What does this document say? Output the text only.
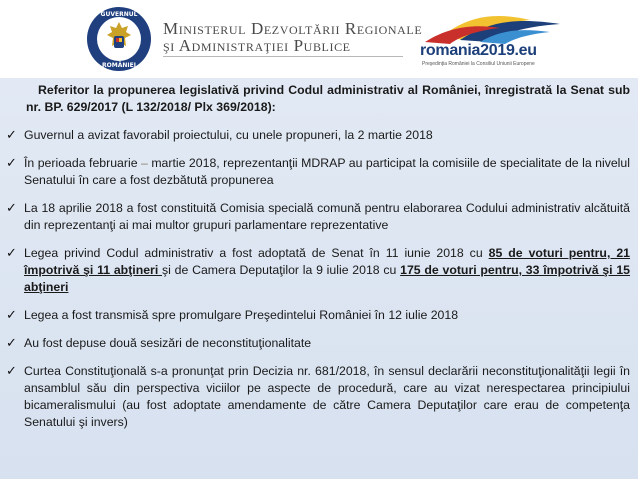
GUVERNUL
ROMÂNIEI
Ministerul Dezvoltării Regionale
şi Administraţiei Publice	romania2019.eu
Preşedinţia României la Consiliul Uniunii Europene
Referitor la propunerea legislativă privind Codul administrativ al României, înregistrată la Senat sub nr. BP. 629/2017 (L 132/2018/ Plx 369/2018):
✓ Guvernul a avizat favorabil proiectului, cu unele propuneri, la 2 martie 2018
✓ În perioada februarie – martie 2018, reprezentanţii MDRAP au participat la comisiile de specialitate de la nivelul Senatului în care a fost dezbătută propunerea
✓ La 18 aprilie 2018 a fost constituită Comisia specială comună pentru elaborarea Codului administrativ alcătuită din reprezentanţi ai mai multor grupuri parlamentare reprezentative
✓ Legea privind Codul administrativ a fost adoptată de Senat în 11 iunie 2018 cu 85 de voturi pentru, 21 împotrivă şi 11 abţineri şi de Camera Deputaţilor la 9 iulie 2018 cu 175 de voturi pentru, 33 împotrivă şi 15 abţineri
✓ Legea a fost transmisă spre promulgare Preşedintelui României în 12 iulie 2018
✓ Au fost depuse două sesizări de neconstituţionalitate
✓ Curtea Constituţională s-a pronunţat prin Decizia nr. 681/2018, în sensul declarării neconstituţionalităţii legii în ansamblul său din perspectiva viciilor pe aspecte de procedură, care au vizat nerespectarea principiului bicameralismului (au fost adoptate amendamente de către Camera Deputaţilor care erau de competenţa Senatului şi invers)
